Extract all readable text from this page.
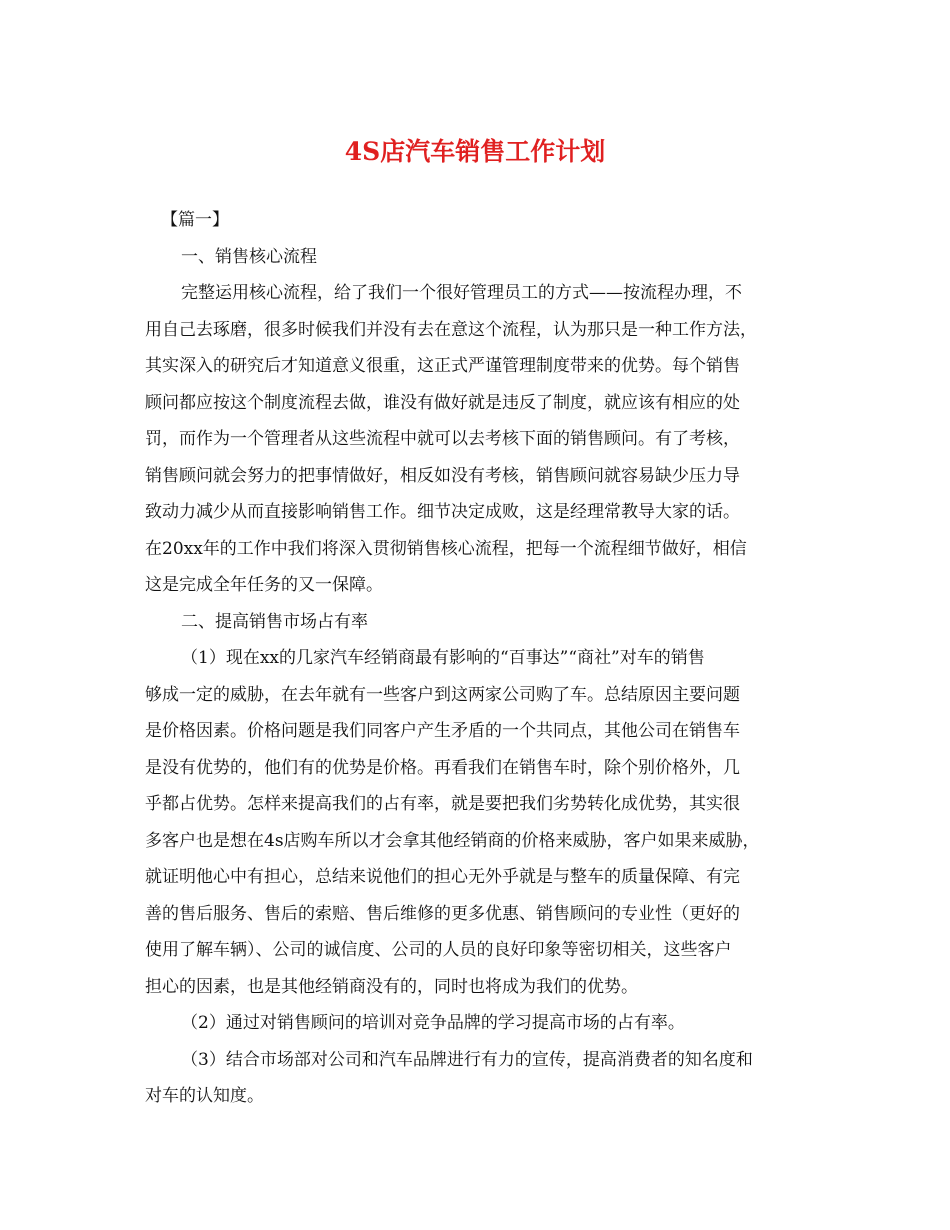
4S店汽车销售工作计划
【篇一】
一、销售核心流程
完整运用核心流程，给了我们一个很好管理员工的方式——按流程办理，不
用自己去琢磨，很多时候我们并没有去在意这个流程，认为那只是一种工作方法，
其实深入的研究后才知道意义很重，这正式严谨管理制度带来的优势。每个销售
顾问都应按这个制度流程去做，谁没有做好就是违反了制度，就应该有相应的处
罚，而作为一个管理者从这些流程中就可以去考核下面的销售顾问。有了考核，
销售顾问就会努力的把事情做好，相反如没有考核，销售顾问就容易缺少压力导
致动力减少从而直接影响销售工作。细节决定成败，这是经理常教导大家的话。
在20xx年的工作中我们将深入贯彻销售核心流程，把每一个流程细节做好，相信
这是完成全年任务的又一保障。
二、提高销售市场占有率
（1）现在xx的几家汽车经销商最有影响的“百事达”“商社”对车的销售
够成一定的威胁，在去年就有一些客户到这两家公司购了车。总结原因主要问题
是价格因素。价格问题是我们同客户产生矛盾的一个共同点，其他公司在销售车
是没有优势的，他们有的优势是价格。再看我们在销售车时，除个别价格外，几
乎都占优势。怎样来提高我们的占有率，就是要把我们劣势转化成优势，其实很
多客户也是想在4s店购车所以才会拿其他经销商的价格来威胁，客户如果来威胁，
就证明他心中有担心，总结来说他们的担心无外乎就是与整车的质量保障、有完
善的售后服务、售后的索赔、售后维修的更多优惠、销售顾问的专业性（更好的
使用了解车辆）、公司的诚信度、公司的人员的良好印象等密切相关，这些客户
担心的因素，也是其他经销商没有的，同时也将成为我们的优势。
（2）通过对销售顾问的培训对竞争品牌的学习提高市场的占有率。
（3）结合市场部对公司和汽车品牌进行有力的宣传，提高消费者的知名度和
对车的认知度。
